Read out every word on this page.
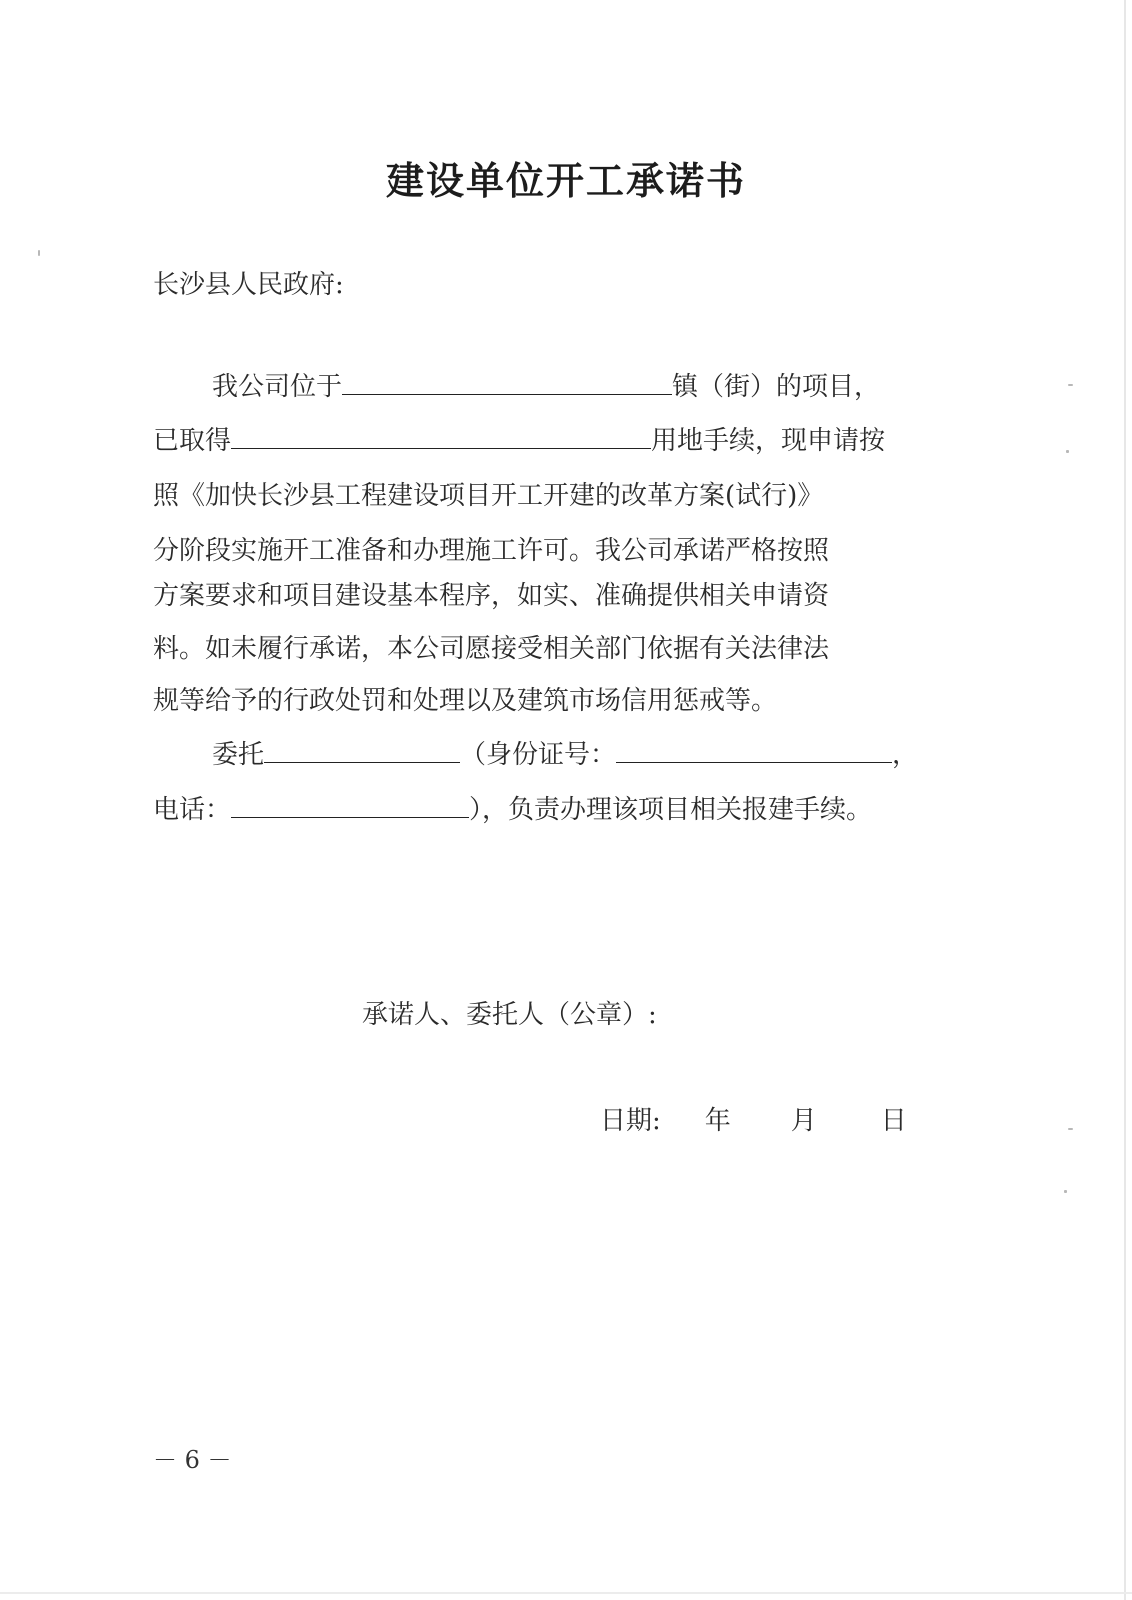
建设单位开工承诺书
长沙县人民政府:
我公司位于	镇（街）的项目，
已取得	用地手续，现申请按
照《加快长沙县工程建设项目开工开建的改革方案(试行)》
分阶段实施开工准备和办理施工许可。我公司承诺严格按照
方案要求和项目建设基本程序，如实、准确提供相关申请资
料。如未履行承诺，本公司愿接受相关部门依据有关法律法
规等给予的行政处罚和处理以及建筑市场信用惩戒等。
委托	（身份证号：	，
电话：	），负责办理该项目相关报建手续。
承诺人、委托人（公章）:
日期: 年 月 日
－ 6 －
